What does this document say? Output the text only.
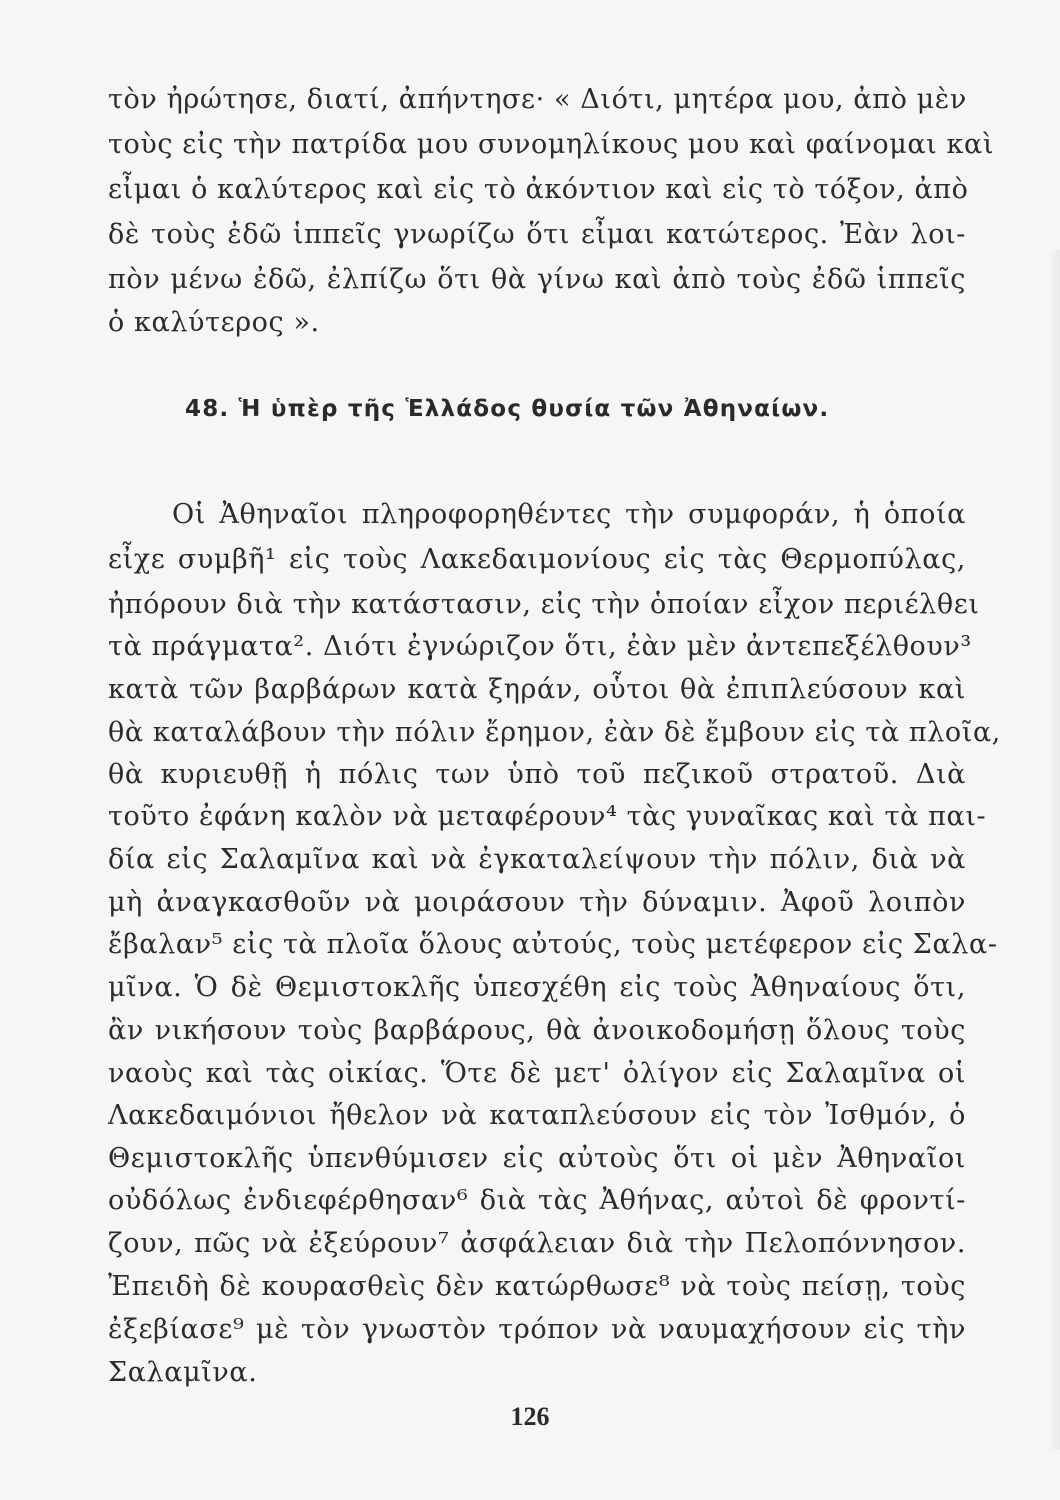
τὸν ἠρώτησε, διατί, ἀπήντησε· « Διότι, μητέρα μου, ἀπὸ μὲν
τοὺς εἰς τὴν πατρίδα μου συνομηλίκους μου καὶ φαίνομαι καὶ
εἶμαι ὁ καλύτερος καὶ εἰς τὸ ἀκόντιον καὶ εἰς τὸ τόξον, ἀπὸ
δὲ τοὺς ἐδῶ ἱππεῖς γνωρίζω ὅτι εἶμαι κατώτερος. Ἐὰν λοι-
πὸν μένω ἐδῶ, ἐλπίζω ὅτι θὰ γίνω καὶ ἀπὸ τοὺς ἐδῶ ἱππεῖς
ὁ καλύτερος ».
48. Ἡ ὑπὲρ τῆς Ἑλλάδος θυσία τῶν Ἀθηναίων.
Οἱ Ἀθηναῖοι πληροφορηθέντες τὴν συμφοράν, ἡ ὁποία
εἶχε συμβῆ¹ εἰς τοὺς Λακεδαιμονίους εἰς τὰς Θερμοπύλας,
ἠπόρουν διὰ τὴν κατάστασιν, εἰς τὴν ὁποίαν εἶχον περιέλθει
τὰ πράγματα². Διότι ἐγνώριζον ὅτι, ἐὰν μὲν ἀντεπεξέλθουν³
κατὰ τῶν βαρβάρων κατὰ ξηράν, οὗτοι θὰ ἐπιπλεύσουν καὶ
θὰ καταλάβουν τὴν πόλιν ἔρημον, ἐὰν δὲ ἔμβουν εἰς τὰ πλοῖα,
θὰ κυριευθῇ ἡ πόλις των ὑπὸ τοῦ πεζικοῦ στρατοῦ. Διὰ
τοῦτο ἐφάνη καλὸν νὰ μεταφέρουν⁴ τὰς γυναῖκας καὶ τὰ παι-
δία εἰς Σαλαμῖνα καὶ νὰ ἐγκαταλείψουν τὴν πόλιν, διὰ νὰ
μὴ ἀναγκασθοῦν νὰ μοιράσουν τὴν δύναμιν. Ἀφοῦ λοιπὸν
ἔβαλαν⁵ εἰς τὰ πλοῖα ὅλους αὐτούς, τοὺς μετέφερον εἰς Σαλα-
μῖνα. Ὁ δὲ Θεμιστοκλῆς ὑπεσχέθη εἰς τοὺς Ἀθηναίους ὅτι,
ἂν νικήσουν τοὺς βαρβάρους, θὰ ἀνοικοδομήσῃ ὅλους τοὺς
ναοὺς καὶ τὰς οἰκίας. Ὅτε δὲ μετ' ὀλίγον εἰς Σαλαμῖνα οἱ
Λακεδαιμόνιοι ἤθελον νὰ καταπλεύσουν εἰς τὸν Ἰσθμόν, ὁ
Θεμιστοκλῆς ὑπενθύμισεν εἰς αὐτοὺς ὅτι οἱ μὲν Ἀθηναῖοι
οὐδόλως ἐνδιεφέρθησαν⁶ διὰ τὰς Ἀθήνας, αὐτοὶ δὲ φροντί-
ζουν, πῶς νὰ ἐξεύρουν⁷ ἀσφάλειαν διὰ τὴν Πελοπόννησον.
Ἐπειδὴ δὲ κουρασθεὶς δὲν κατώρθωσε⁸ νὰ τοὺς πείσῃ, τοὺς
ἐξεβίασε⁹ μὲ τὸν γνωστὸν τρόπον νὰ ναυμαχήσουν εἰς τὴν
Σαλαμῖνα.
126
